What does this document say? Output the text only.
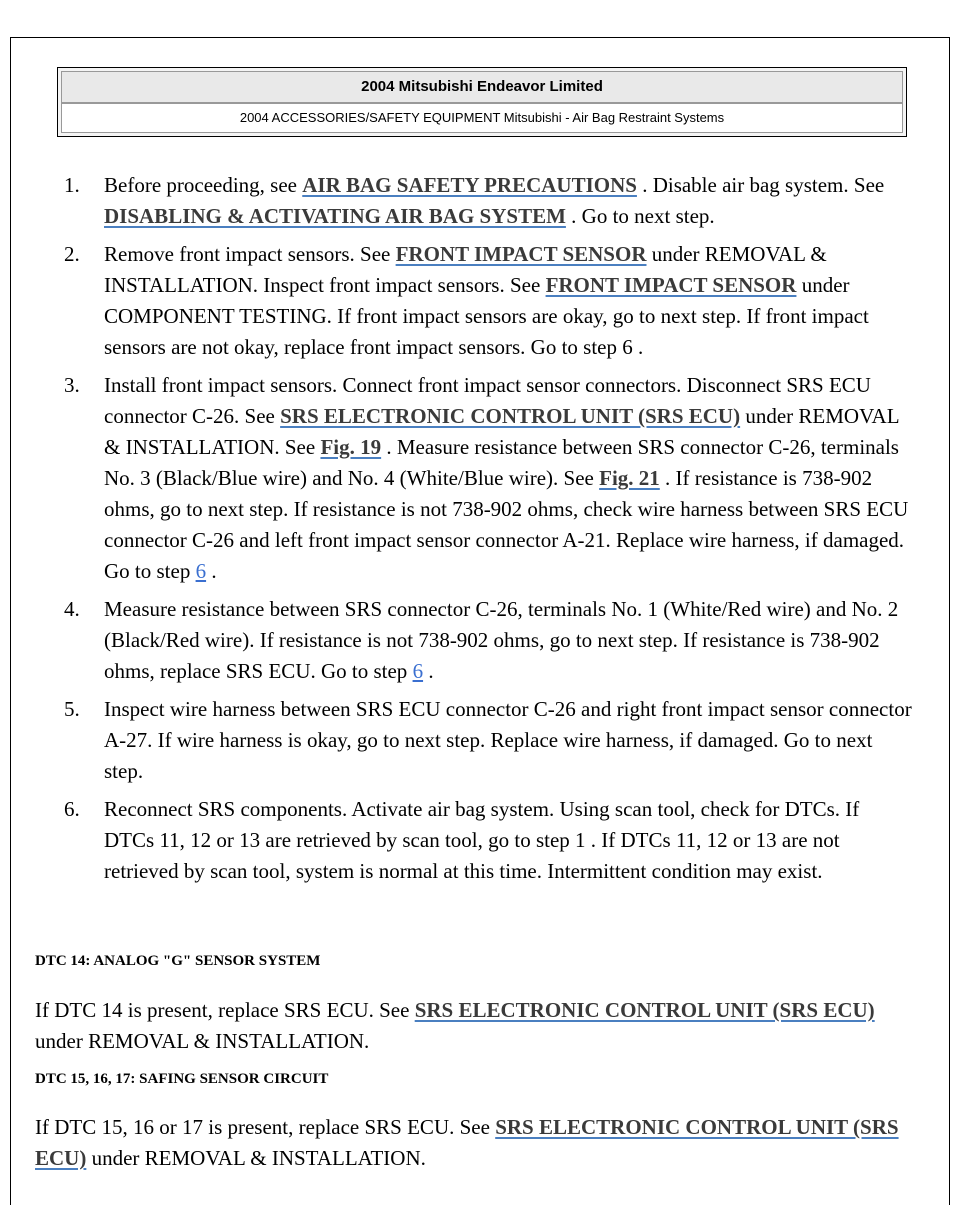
2004 Mitsubishi Endeavor Limited
2004 ACCESSORIES/SAFETY EQUIPMENT Mitsubishi - Air Bag Restraint Systems
1. Before proceeding, see AIR BAG SAFETY PRECAUTIONS . Disable air bag system. See DISABLING & ACTIVATING AIR BAG SYSTEM . Go to next step.
2. Remove front impact sensors. See FRONT IMPACT SENSOR under REMOVAL & INSTALLATION. Inspect front impact sensors. See FRONT IMPACT SENSOR under COMPONENT TESTING. If front impact sensors are okay, go to next step. If front impact sensors are not okay, replace front impact sensors. Go to step 6 .
3. Install front impact sensors. Connect front impact sensor connectors. Disconnect SRS ECU connector C-26. See SRS ELECTRONIC CONTROL UNIT (SRS ECU) under REMOVAL & INSTALLATION. See Fig. 19 . Measure resistance between SRS connector C-26, terminals No. 3 (Black/Blue wire) and No. 4 (White/Blue wire). See Fig. 21 . If resistance is 738-902 ohms, go to next step. If resistance is not 738-902 ohms, check wire harness between SRS ECU connector C-26 and left front impact sensor connector A-21. Replace wire harness, if damaged. Go to step 6 .
4. Measure resistance between SRS connector C-26, terminals No. 1 (White/Red wire) and No. 2 (Black/Red wire). If resistance is not 738-902 ohms, go to next step. If resistance is 738-902 ohms, replace SRS ECU. Go to step 6 .
5. Inspect wire harness between SRS ECU connector C-26 and right front impact sensor connector A-27. If wire harness is okay, go to next step. Replace wire harness, if damaged. Go to next step.
6. Reconnect SRS components. Activate air bag system. Using scan tool, check for DTCs. If DTCs 11, 12 or 13 are retrieved by scan tool, go to step 1 . If DTCs 11, 12 or 13 are not retrieved by scan tool, system is normal at this time. Intermittent condition may exist.
DTC 14: ANALOG "G" SENSOR SYSTEM

If DTC 14 is present, replace SRS ECU. See SRS ELECTRONIC CONTROL UNIT (SRS ECU) under REMOVAL & INSTALLATION.

DTC 15, 16, 17: SAFING SENSOR CIRCUIT

If DTC 15, 16 or 17 is present, replace SRS ECU. See SRS ELECTRONIC CONTROL UNIT (SRS ECU) under REMOVAL & INSTALLATION.
